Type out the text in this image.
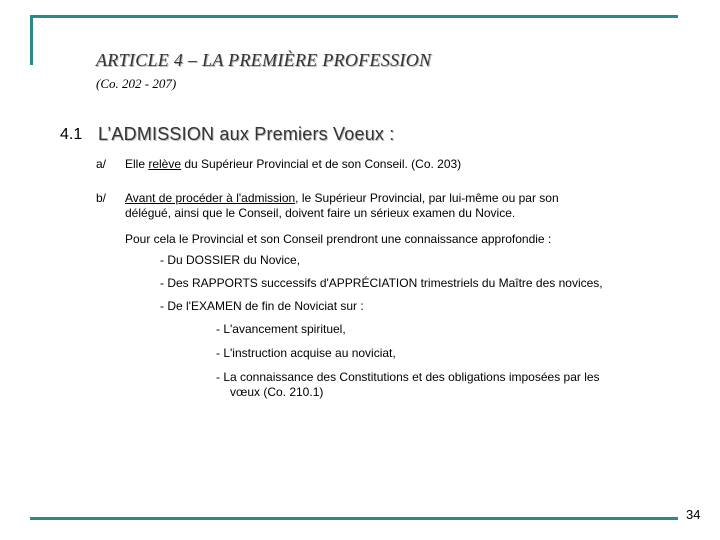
ARTICLE 4 – LA PREMIÈRE PROFESSION
(Co. 202 - 207)
4.1 L’ADMISSION aux Premiers Voeux :
a/ Elle relève du Supérieur Provincial et de son Conseil. (Co. 203)
b/ Avant de procéder à l'admission, le Supérieur Provincial, par lui-même ou par son
délégué, ainsi que le Conseil, doivent faire un sérieux examen du Novice.
Pour cela le Provincial et son Conseil prendront une connaissance approfondie :
- Du DOSSIER du Novice,
- Des RAPPORTS successifs d'APPRÉCIATION trimestriels du Maître des novices,
- De l'EXAMEN de fin de Noviciat sur :
- L'avancement spirituel,
- L'instruction acquise au noviciat,
- La connaissance des Constitutions et des obligations imposées par les
vœux (Co. 210.1)
34
